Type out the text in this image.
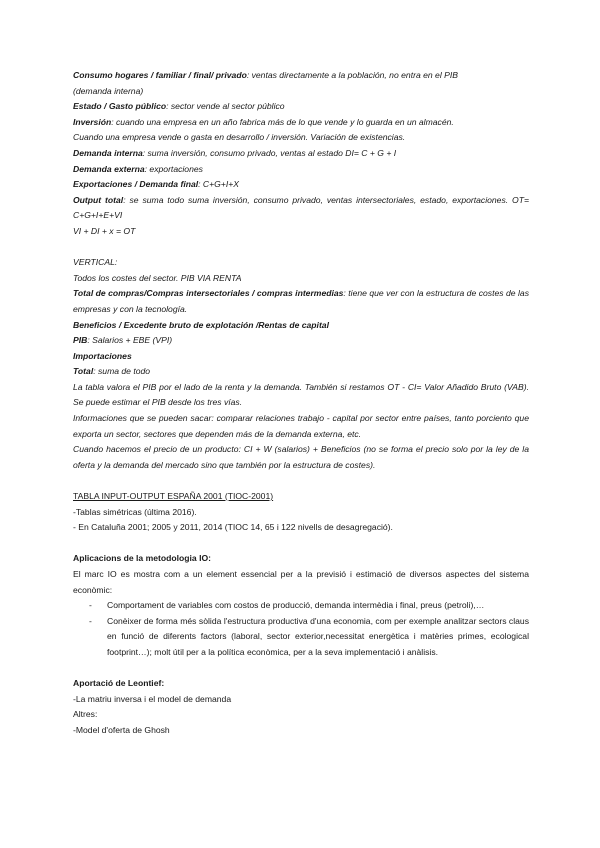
Consumo hogares / familiar / final/ privado: ventas directamente a la población, no entra en el PIB
(demanda interna)
Estado / Gasto público: sector vende al sector público
Inversión: cuando una empresa en un año fabrica más de lo que vende y lo guarda en un almacén.
Cuando una empresa vende o gasta en desarrollo / inversión. Variación de existencias.
Demanda interna: suma inversión, consumo privado, ventas al estado DI= C + G + I
Demanda externa: exportaciones
Exportaciones / Demanda final: C+G+I+X
Output total: se suma todo suma inversión, consumo privado, ventas intersectoriales, estado, exportaciones. OT= C+G+I+E+VI
VI + DI + x = OT
VERTICAL:
Todos los costes del sector. PIB VIA RENTA
Total de compras/Compras intersectoriales / compras intermedias: tiene que ver con la estructura de costes de las empresas y con la tecnología.
Beneficios / Excedente bruto de explotación /Rentas de capital
PIB: Salarios + EBE (VPI)
Importaciones
Total: suma de todo
La tabla valora el PIB por el lado de la renta y la demanda. También si restamos OT - CI= Valor Añadido Bruto (VAB). Se puede estimar el PIB desde los tres vías.
Informaciones que se pueden sacar: comparar relaciones trabajo - capital por sector entre países, tanto porciento que exporta un sector, sectores que dependen más de la demanda externa, etc.
Cuando hacemos el precio de un producto: CI + W (salarios) + Beneficios (no se forma el precio solo por la ley de la oferta y la demanda del mercado sino que también por la estructura de costes).
TABLA INPUT-OUTPUT ESPAÑA 2001 (TIOC-2001)
-Tablas simétricas (última 2016).
- En Cataluña 2001; 2005 y 2011, 2014 (TIOC 14, 65 i 122 nivells de desagregació).
Aplicacions de la metodologia IO:
El marc IO es mostra com a un element essencial per a la previsió i estimació de diversos aspectes del sistema econòmic:
- Comportament de variables com costos de producció, demanda intermèdia i final, preus (petroli),…
- Conèixer de forma més sòlida l'estructura productiva d'una economia, com per exemple analitzar sectors claus en funció de diferents factors (laboral, sector exterior,necessitat energètica i matèries primes, ecological footprint…); molt útil per a la política econòmica, per a la seva implementació i anàlisis.
Aportació de Leontief:
-La matriu inversa i el model de demanda
Altres:
-Model d'oferta de Ghosh
